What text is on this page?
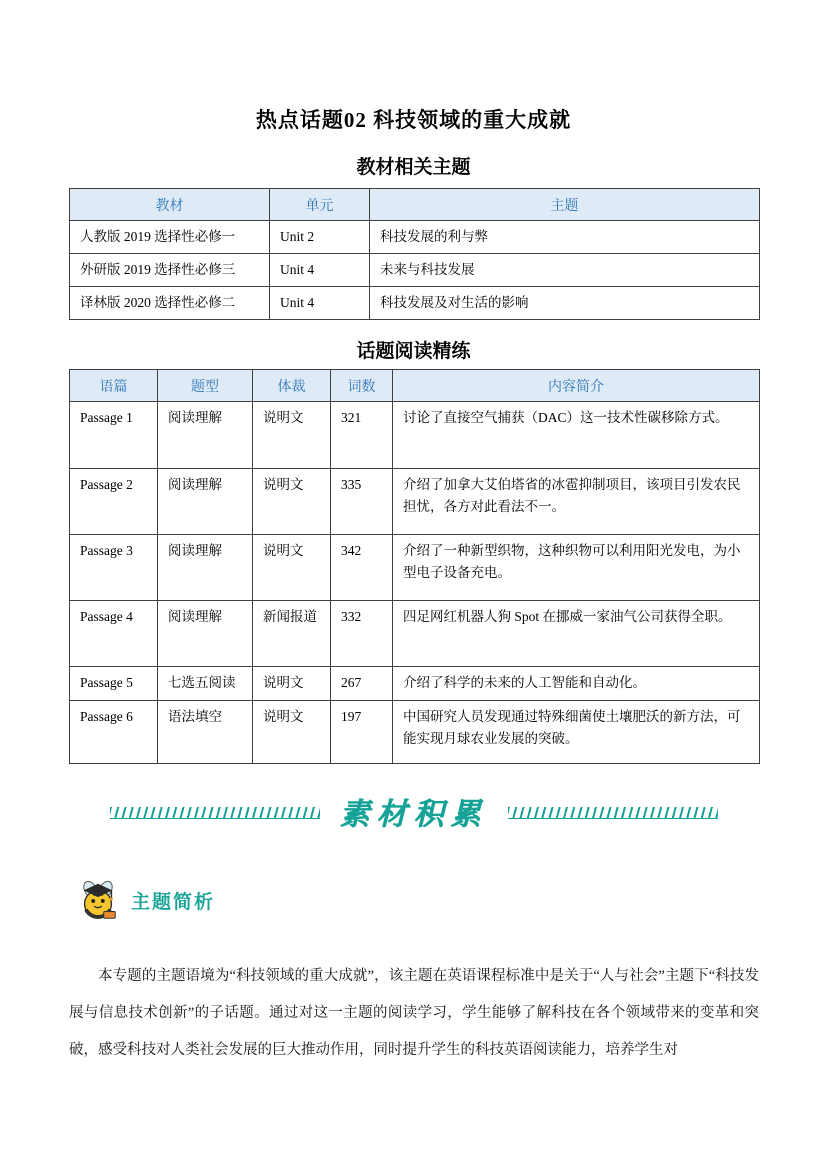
热点话题02 科技领域的重大成就
教材相关主题
教材	单元	主题
人教版 2019 选择性必修一	Unit 2	科技发展的利与弊
外研版 2019 选择性必修三	Unit 4	未来与科技发展
译林版 2020 选择性必修二	Unit 4	科技发展及对生活的影响
话题阅读精练
语篇	题型	体裁	词数	内容简介
Passage 1	阅读理解	说明文	321	讨论了直接空气捕获（DAC）这一技术性碳移除方式。
Passage 2	阅读理解	说明文	335	介绍了加拿大艾伯塔省的冰雹抑制项目，该项目引发农民担忧，各方对此看法不一。
Passage 3	阅读理解	说明文	342	介绍了一种新型织物，这种织物可以利用阳光发电，为小型电子设备充电。
Passage 4	阅读理解	新闻报道	332	四足网红机器人狗 Spot 在挪威一家油气公司获得全职。
Passage 5	七选五阅读	说明文	267	介绍了科学的未来的人工智能和自动化。
Passage 6	语法填空	说明文	197	中国研究人员发现通过特殊细菌使土壤肥沃的新方法，可能实现月球农业发展的突破。
素材积累
主题简析

本专题的主题语境为“科技领域的重大成就”，该主题在英语课程标准中是关于“人与社会”主题下“科技发展与信息技术创新”的子话题。通过对这一主题的阅读学习，学生能够了解科技在各个领域带来的变革和突破，感受科技对人类社会发展的巨大推动作用，同时提升学生的科技英语阅读能力，培养学生对
